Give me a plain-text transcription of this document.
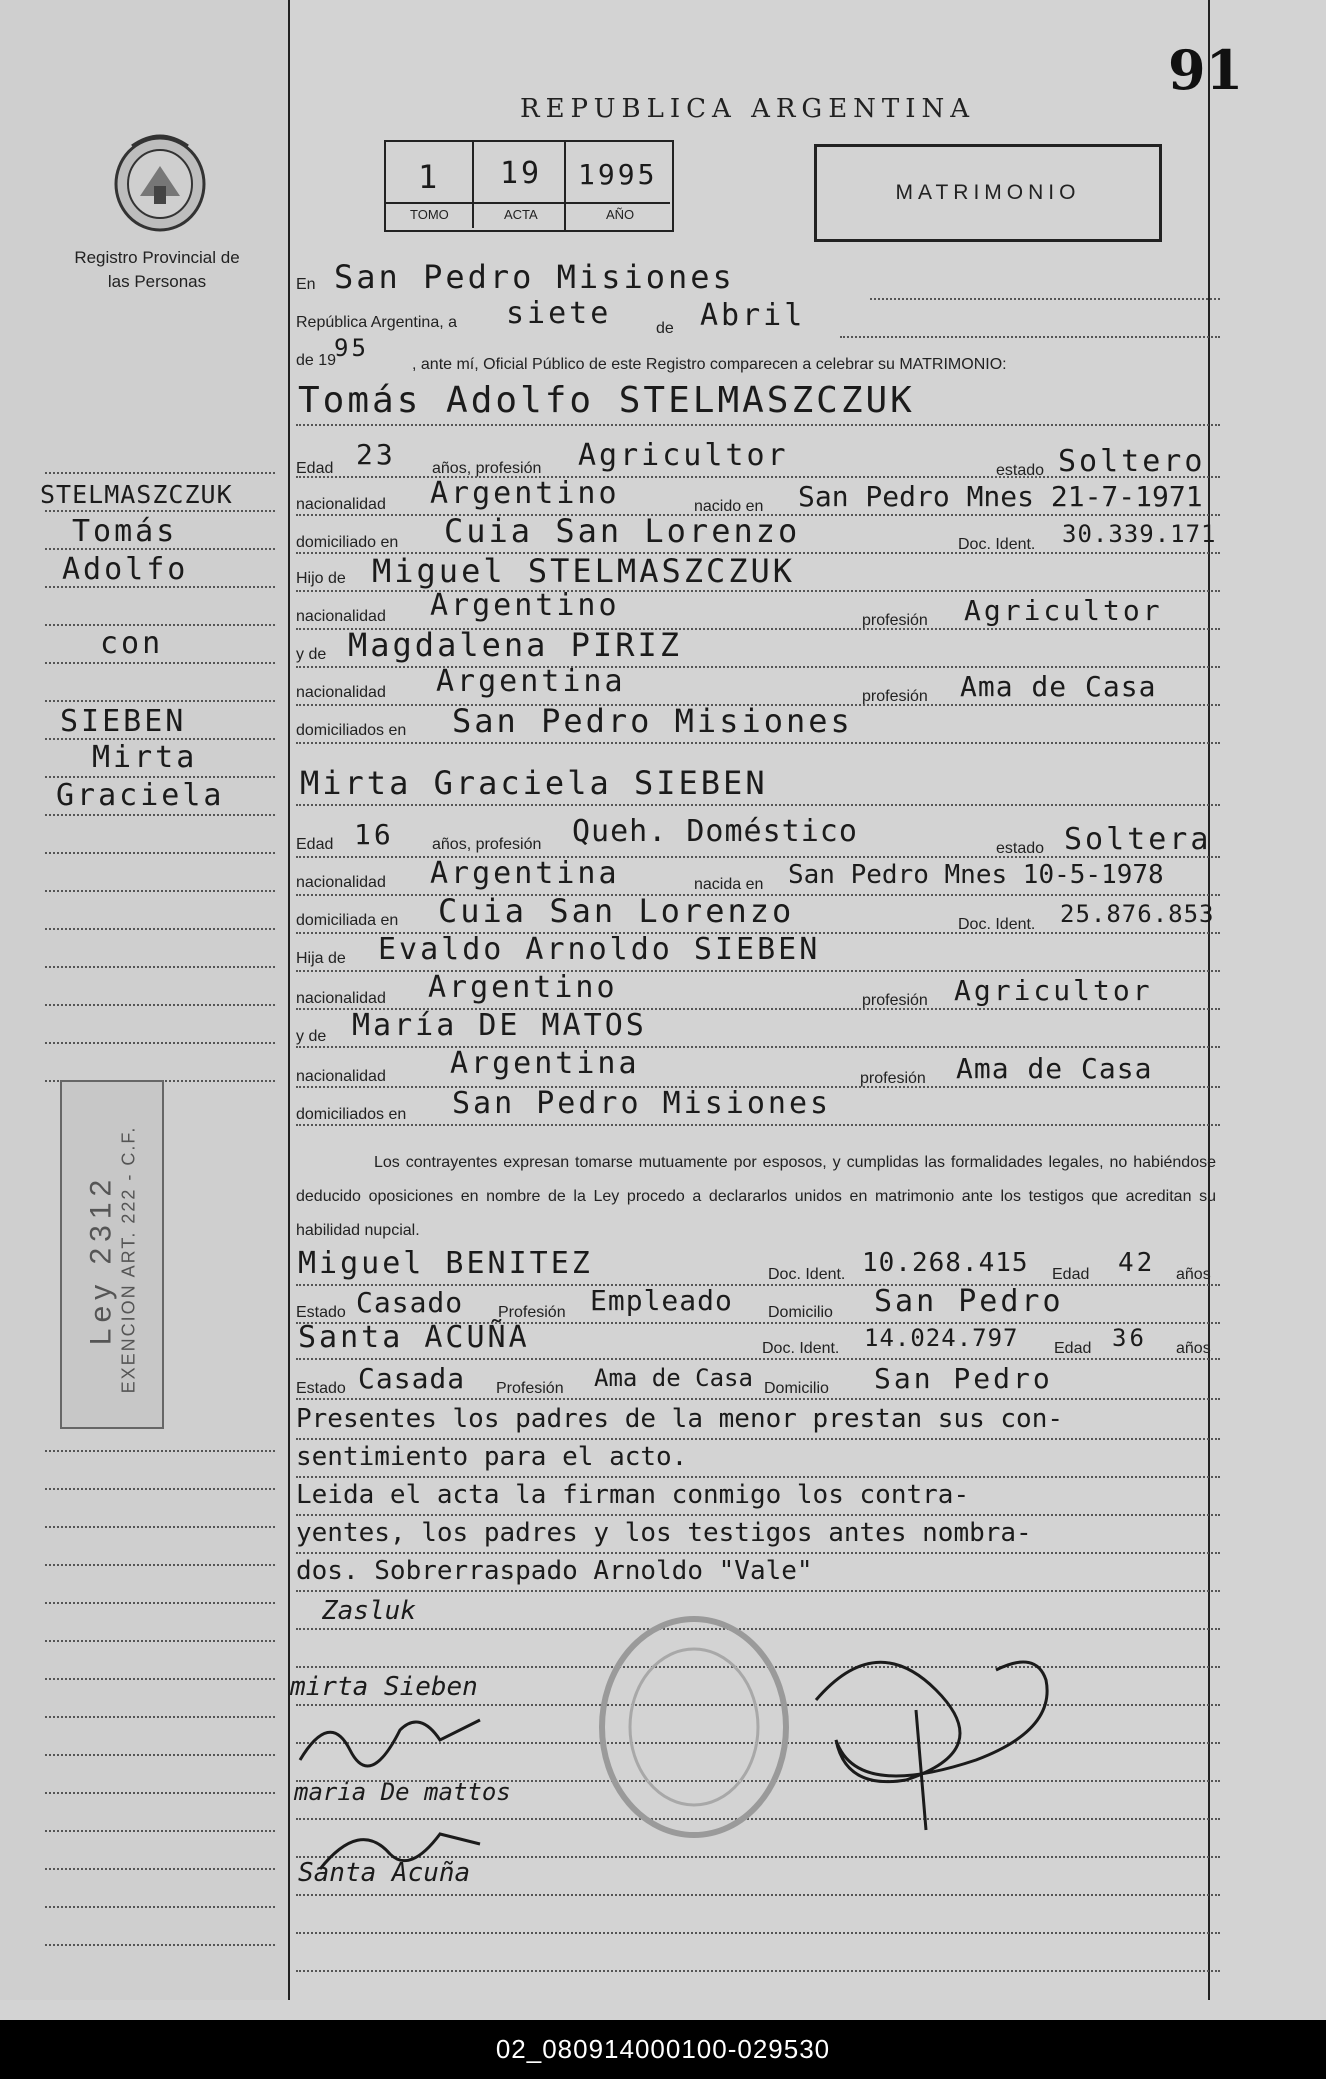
91
REPUBLICA ARGENTINA
Registro Provincial de las Personas
1 19 1995
TOMO	ACTA	AÑO
MATRIMONIO
STELMASZCZUK
Tomás
Adolfo
con
SIEBEN
Mirta
Graciela
Ley 2312 EXENCION ART. 222 - C.F.
En San Pedro Misiones
República Argentina, a siete	de Abril
de 19
95
, ante mí, Oficial Público de este Registro comparecen a celebrar su MATRIMONIO:
Tomás Adolfo STELMASZCZUK
Edad 23 años, profesión Agricultor	estado Soltero
nacionalidad Argentino	nacido en San Pedro Mnes 21-7-1971
domiciliado en Cuia San Lorenzo	Doc. Ident. 30.339.171
Hijo de Miguel STELMASZCZUK
nacionalidad Argentino	profesión Agricultor
y de Magdalena PIRIZ
nacionalidad Argentina	profesión Ama de Casa
domiciliados en San Pedro Misiones
Mirta Graciela SIEBEN
Edad 16 años, profesión Queh. Doméstico	estado Soltera
nacionalidad Argentina	nacida en San Pedro Mnes 10-5-1978
domiciliada en Cuia San Lorenzo	Doc. Ident. 25.876.853
Hija de Evaldo Arnoldo SIEBEN
nacionalidad Argentino	profesión Agricultor
y de María DE MATOS
nacionalidad Argentina	profesión Ama de Casa
domiciliados en San Pedro Misiones
Los contrayentes expresan tomarse mutuamente por esposos, y cumplidas las formalidades legales, no habiéndose deducido oposiciones en nombre de la Ley procedo a declararlos unidos en matrimonio ante los testigos que acreditan su habilidad nupcial.
Miguel BENITEZ	Doc. Ident. 10.268.415 Edad 42 años
Estado Casado Profesión Empleado Domicilio San Pedro
Santa ACUÑA	Doc. Ident. 14.024.797 Edad 36 años
Estado Casada Profesión Ama de Casa Domicilio San Pedro
Presentes los padres de la menor prestan sus con-
sentimiento para el acto.
Leida el acta la firman conmigo los contra-
yentes, los padres y los testigos antes nombra-
dos. Sobrerraspado Arnoldo "Vale"
Zasluk
mirta Sieben
maria De mattos
Santa Acuña
02_080914000100-029530
